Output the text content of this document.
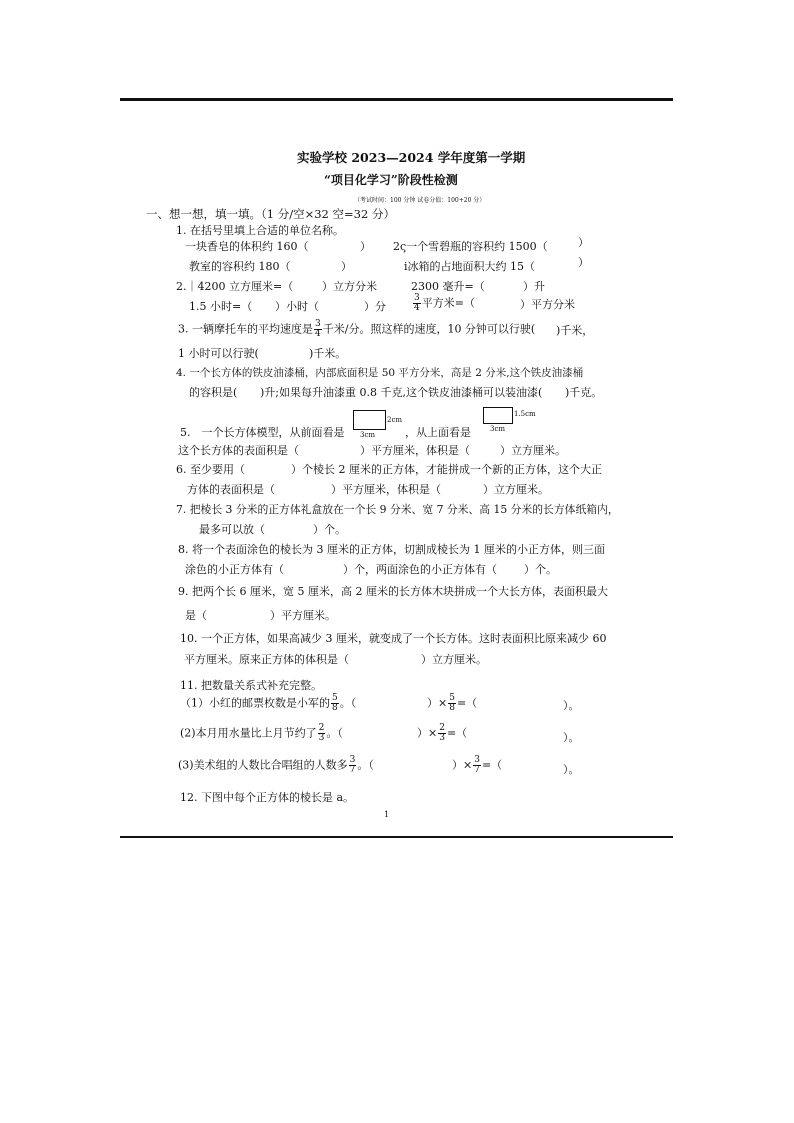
实验学校 2023—2024 学年度第一学期
“项目化学习”阶段性检测
（考试时间：100 分钟 试卷分值：100+20 分）
一、想一想，填一填。（1 分/空×32 空=32 分）
1. 在括号里填上合适的单位名称。
一块香皂的体积约 160（	） 2ς一个雪碧瓶的容积约 1500（	）
教室的容积约 180（	）	i冰箱的占地面积大约 15（	）
2.｜4200 立方厘米=（	）立方分米	2300 毫升=（	）升
1.5 小时=（ ）小时（	）分	$\frac{3}{4}$ 平方米=（	）平方分米
3. 一辆摩托车的平均速度是 $\frac{3}{4}$ 千米/分。照这样的速度，10 分钟可以行驶( )千米，
1 小时可以行驶(	)千米。
4. 一个长方体的铁皮油漆桶，内部底面积是 50 平方分米，高是 2 分米,这个铁皮油漆桶
的容积是( )升;如果每升油漆重 0.8 千克,这个铁皮油漆桶可以装油漆( )千克。
5.　一个长方体模型，从前面看是
2cm
3cm	，从上面看是
1.5cm
3cm
这个长方体的表面积是（	）平方厘米，体积是（	）立方厘米。
6. 至少要用（	）个棱长 2 厘米的正方体，才能拼成一个新的正方体，这个大正
方体的表面积是（	）平方厘米，体积是（	）立方厘米。
7. 把棱长 3 分米的正方体礼盒放在一个长 9 分米、宽 7 分米、高 15 分米的长方体纸箱内，
最多可以放（	）个。
8. 将一个表面涂色的棱长为 3 厘米的正方体，切割成棱长为 1 厘米的小正方体，则三面
涂色的小正方体有（	）个，两面涂色的小正方体有（ ）个。
9. 把两个长 6 厘米，宽 5 厘米，高 2 厘米的长方体木块拼成一个大长方体，表面积最大
是（	）平方厘米。
10. 一个正方体，如果高减少 3 厘米，就变成了一个长方体。这时表面积比原来减少 60
平方厘米。原来正方体的体积是（	）立方厘米。
11. 把数量关系式补充完整。
（1）小红的邮票枚数是小军的 $\frac{5}{8}$ 。（	）× $\frac{5}{8}$ =（	）。
(2)本月用水量比上月节约了 $\frac{2}{3}$ 。（	）× $\frac{2}{3}$ =（	）。
(3)美术组的人数比合唱组的人数多 $\frac{3}{7}$ 。（	）× $\frac{3}{7}$ =（	）。
12. 下图中每个正方体的棱长是 a。
1
